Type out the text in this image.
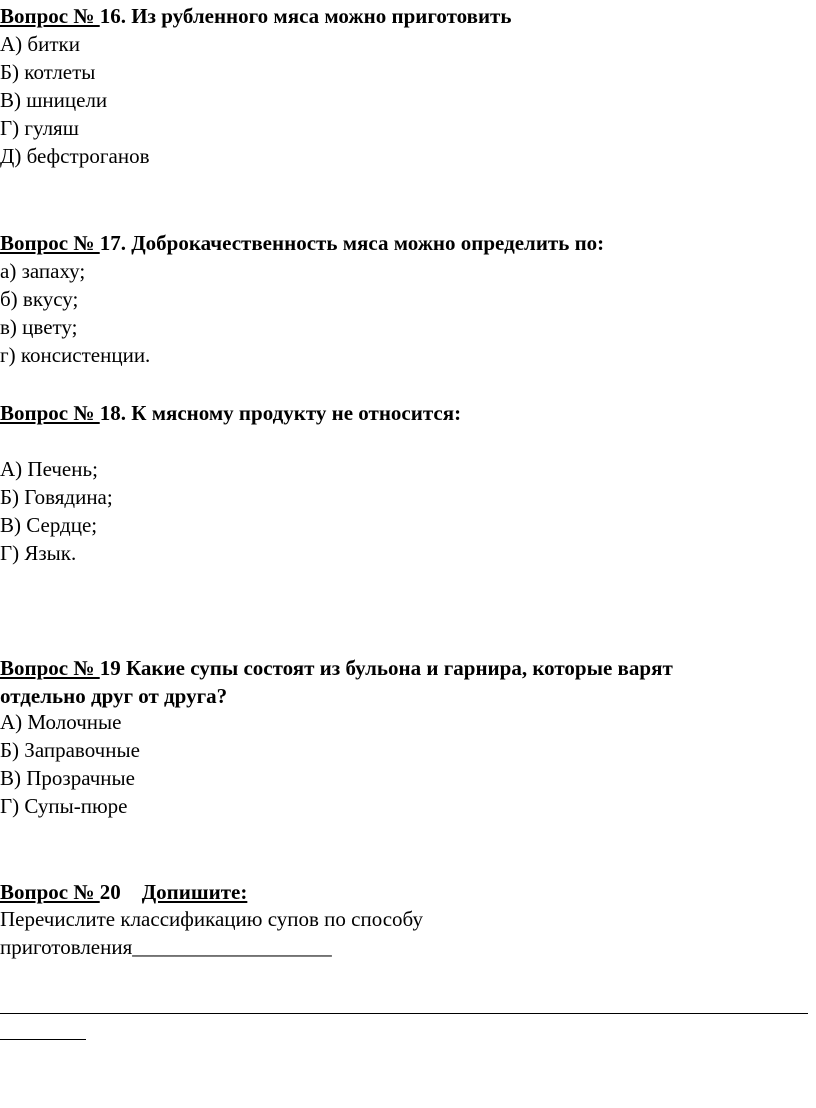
Вопрос № 16. Из рубленного мяса можно приготовить
А) битки
Б) котлеты
В) шницели
Г) гуляш
Д) бефстроганов
Вопрос № 17. Доброкачественность мяса можно определить по:
а) запаху;
б) вкусу;
в) цвету;
г) консистенции.
Вопрос № 18. К мясному продукту не относится:
А) Печень;
Б) Говядина;
В) Сердце;
Г) Язык.
Вопрос № 19 Какие супы состоят из бульона и гарнира, которые варят
отдельно друг от друга?
А) Молочные
Б) Заправочные
В) Прозрачные
Г) Супы-пюре
Вопрос № 20 Допишите:
Перечислите классификацию супов по способу
приготовления___________________
